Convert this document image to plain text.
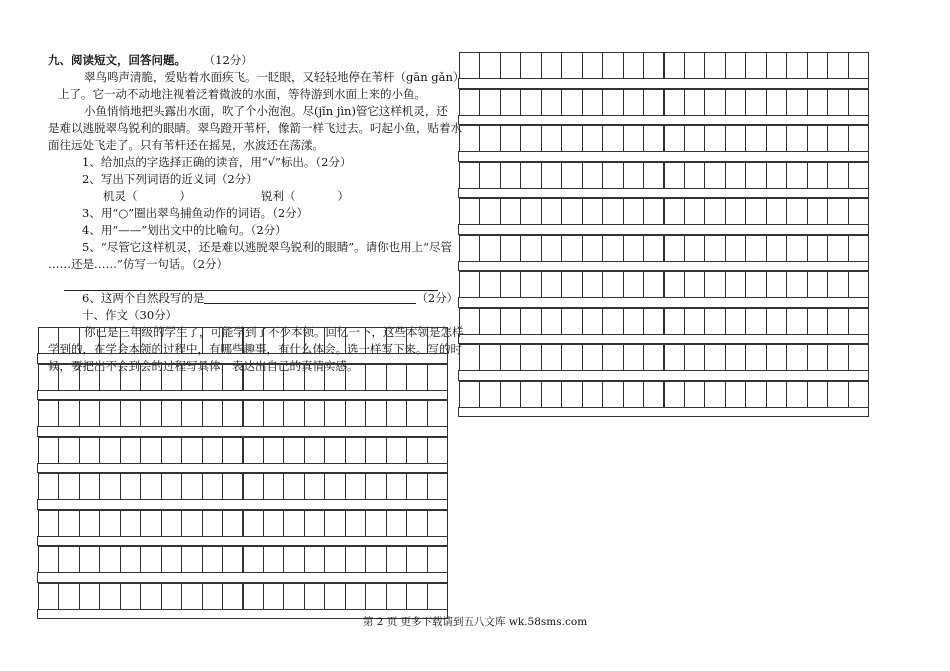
九、阅读短文，回答问题。 （12分）
翠鸟鸣声清脆，爱贴着水面疾飞。一眨眼，又轻轻地停在苇杆（gān gǎn）
上了。它一动不动地注视着泛着微波的水面，等待游到水面上来的小鱼。
小鱼悄悄地把头露出水面，吹了个小泡泡。尽(jǐn jìn)管它这样机灵，还
是难以逃脱翠鸟锐利的眼睛。翠鸟蹬开苇杆，像箭一样飞过去。叼起小鱼，贴着水
面往远处飞走了。只有苇杆还在摇晃，水波还在荡漾。
1、给加点的字选择正确的读音，用“√”标出。（2分）
2、写出下列词语的近义词（2分）
机灵（	）	锐利（	）
3、用“○”圈出翠鸟捕鱼动作的词语。（2分）
4、用“——”划出文中的比喻句。（2分）
5、“尽管它这样机灵，还是难以逃脱翠鸟锐利的眼睛”。请你也用上“尽管
……还是……”仿写一句话。（2分）
6、这两个自然段写的是	（2分）
十、作文（30分）
你已是三年级的学生了，可能学到了不少本领。回忆一下，这些本领是怎样
学到的，在学会本领的过程中，有哪些趣事，有什么体会。选一样写下来。写的时
候，要把出不会到会的过程写具体，表达出自己的真情实感。
第 2 页 更多下载请到五八文库 wk.58sms.com
